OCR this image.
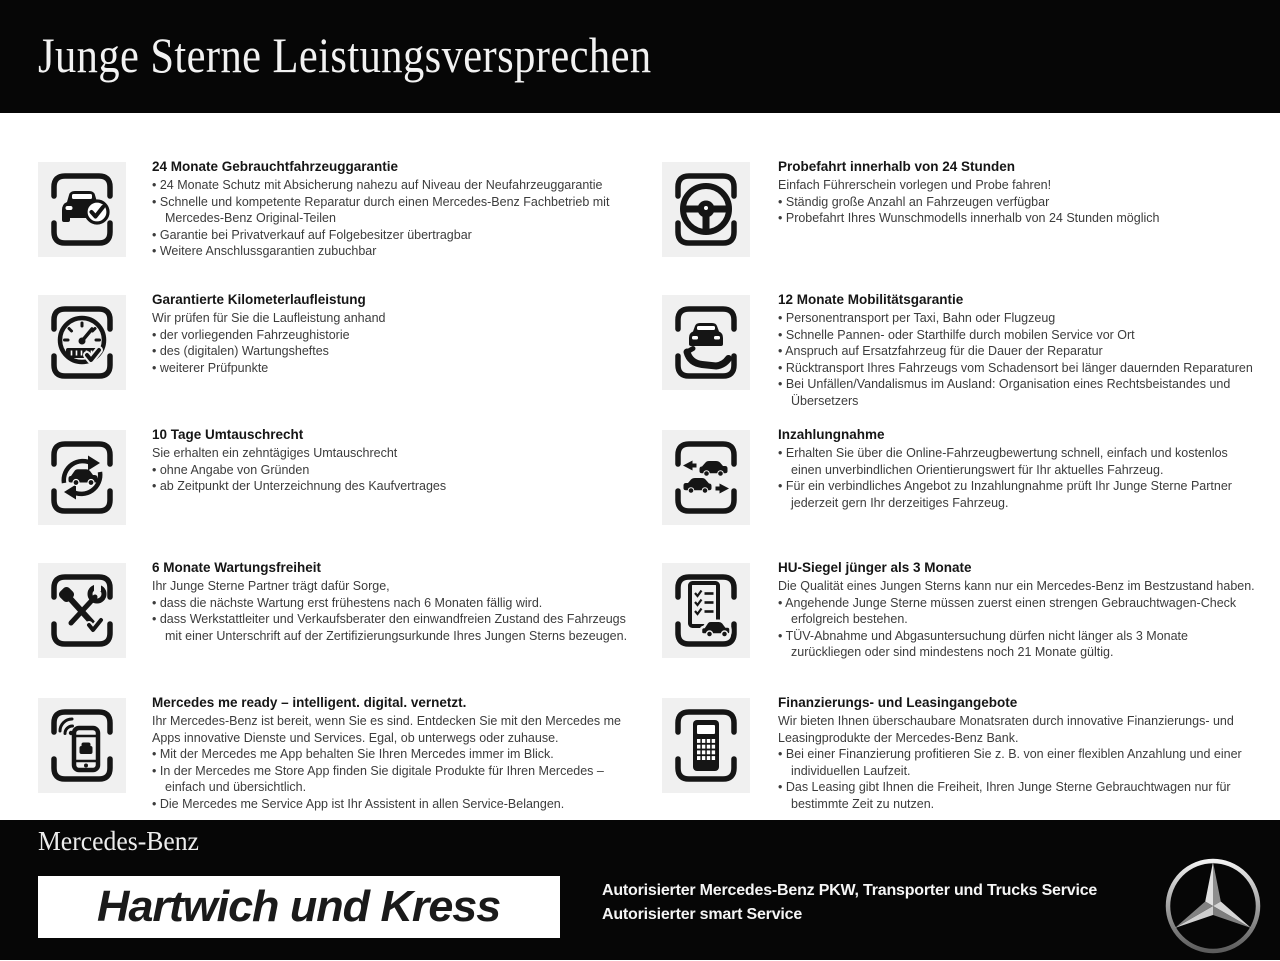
Junge Sterne Leistungsversprechen
24 Monate Gebrauchtfahrzeuggarantie
• 24 Monate Schutz mit Absicherung nahezu auf Niveau der Neufahrzeuggarantie
• Schnelle und kompetente Reparatur durch einen Mercedes-Benz Fachbetrieb mit Mercedes-Benz Original-Teilen
• Garantie bei Privatverkauf auf Folgebesitzer übertragbar
• Weitere Anschlussgarantien zubuchbar
Garantierte Kilometerlaufleistung
Wir prüfen für Sie die Laufleistung anhand
• der vorliegenden Fahrzeughistorie
• des (digitalen) Wartungsheftes
• weiterer Prüfpunkte
10 Tage Umtauschrecht
Sie erhalten ein zehntägiges Umtauschrecht
• ohne Angabe von Gründen
• ab Zeitpunkt der Unterzeichnung des Kaufvertrages
6 Monate Wartungsfreiheit
Ihr Junge Sterne Partner trägt dafür Sorge,
• dass die nächste Wartung erst frühestens nach 6 Monaten fällig wird.
• dass Werkstattleiter und Verkaufsberater den einwandfreien Zustand des Fahrzeugs mit einer Unterschrift auf der Zertifizierungsurkunde Ihres Jungen Sterns bezeugen.
Mercedes me ready – intelligent. digital. vernetzt.
Ihr Mercedes-Benz ist bereit, wenn Sie es sind. Entdecken Sie mit den Mercedes me Apps innovative Dienste und Services. Egal, ob unterwegs oder zuhause.
• Mit der Mercedes me App behalten Sie Ihren Mercedes immer im Blick.
• In der Mercedes me Store App finden Sie digitale Produkte für Ihren Mercedes – einfach und übersichtlich.
• Die Mercedes me Service App ist Ihr Assistent in allen Service-Belangen.
Probefahrt innerhalb von 24 Stunden
Einfach Führerschein vorlegen und Probe fahren!
• Ständig große Anzahl an Fahrzeugen verfügbar
• Probefahrt Ihres Wunschmodells innerhalb von 24 Stunden möglich
12 Monate Mobilitätsgarantie
• Personentransport per Taxi, Bahn oder Flugzeug
• Schnelle Pannen- oder Starthilfe durch mobilen Service vor Ort
• Anspruch auf Ersatzfahrzeug für die Dauer der Reparatur
• Rücktransport Ihres Fahrzeugs vom Schadensort bei länger dauernden Reparaturen
• Bei Unfällen/Vandalismus im Ausland: Organisation eines Rechtsbeistandes und Übersetzers
Inzahlungnahme
• Erhalten Sie über die Online-Fahrzeugbewertung schnell, einfach und kostenlos einen unverbindlichen Orientierungswert für Ihr aktuelles Fahrzeug.
• Für ein verbindliches Angebot zu Inzahlungnahme prüft Ihr Junge Sterne Partner jederzeit gern Ihr derzeitiges Fahrzeug.
HU-Siegel jünger als 3 Monate
Die Qualität eines Jungen Sterns kann nur ein Mercedes-Benz im Bestzustand haben.
• Angehende Junge Sterne müssen zuerst einen strengen Gebrauchtwagen-Check erfolgreich bestehen.
• TÜV-Abnahme und Abgasuntersuchung dürfen nicht länger als 3 Monate zurückliegen oder sind mindestens noch 21 Monate gültig.
Finanzierungs- und Leasingangebote
Wir bieten Ihnen überschaubare Monatsraten durch innovative Finanzierungs- und Leasingprodukte der Mercedes-Benz Bank.
• Bei einer Finanzierung profitieren Sie z. B. von einer flexiblen Anzahlung und einer individuellen Laufzeit.
• Das Leasing gibt Ihnen die Freiheit, Ihren Junge Sterne Gebrauchtwagen nur für bestimmte Zeit zu nutzen.
Mercedes-Benz
Hartwich und Kress	Autorisierter Mercedes-Benz PKW, Transporter und Trucks Service
Autorisierter smart Service
